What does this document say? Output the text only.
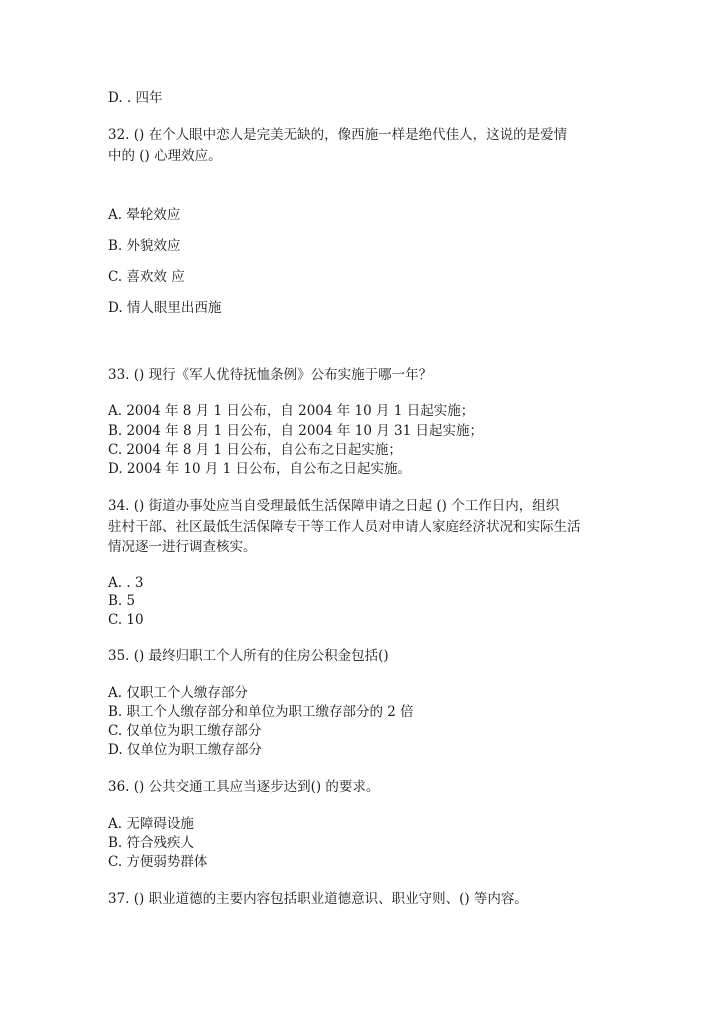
D. . 四年
32. () 在个人眼中恋人是完美无缺的，像西施一样是绝代佳人，这说的是爱情
中的 () 心理效应。
A. 晕轮效应
B. 外貌效应
C. 喜欢效 应
D. 情人眼里出西施
33. () 现行《军人优待抚恤条例》公布实施于哪一年？
A. 2004 年 8 月 1 日公布，自 2004 年 10 月 1 日起实施；
B. 2004 年 8 月 1 日公布，自 2004 年 10 月 31 日起实施；
C. 2004 年 8 月 1 日公布，自公布之日起实施；
D. 2004 年 10 月 1 日公布，自公布之日起实施。
34. () 街道办事处应当自受理最低生活保障申请之日起 () 个工作日内，组织
驻村干部、社区最低生活保障专干等工作人员对申请人家庭经济状况和实际生活
情况逐一进行调查核实。
A. . 3
B. 5
C. 10
35. () 最终归职工个人所有的住房公积金包括()
A. 仅职工个人缴存部分
B. 职工个人缴存部分和单位为职工缴存部分的 2 倍
C. 仅单位为职工缴存部分
D. 仅单位为职工缴存部分
36. () 公共交通工具应当逐步达到() 的要求。
A. 无障碍设施
B. 符合残疾人
C. 方便弱势群体
37. () 职业道德的主要内容包括职业道德意识、职业守则、() 等内容。
